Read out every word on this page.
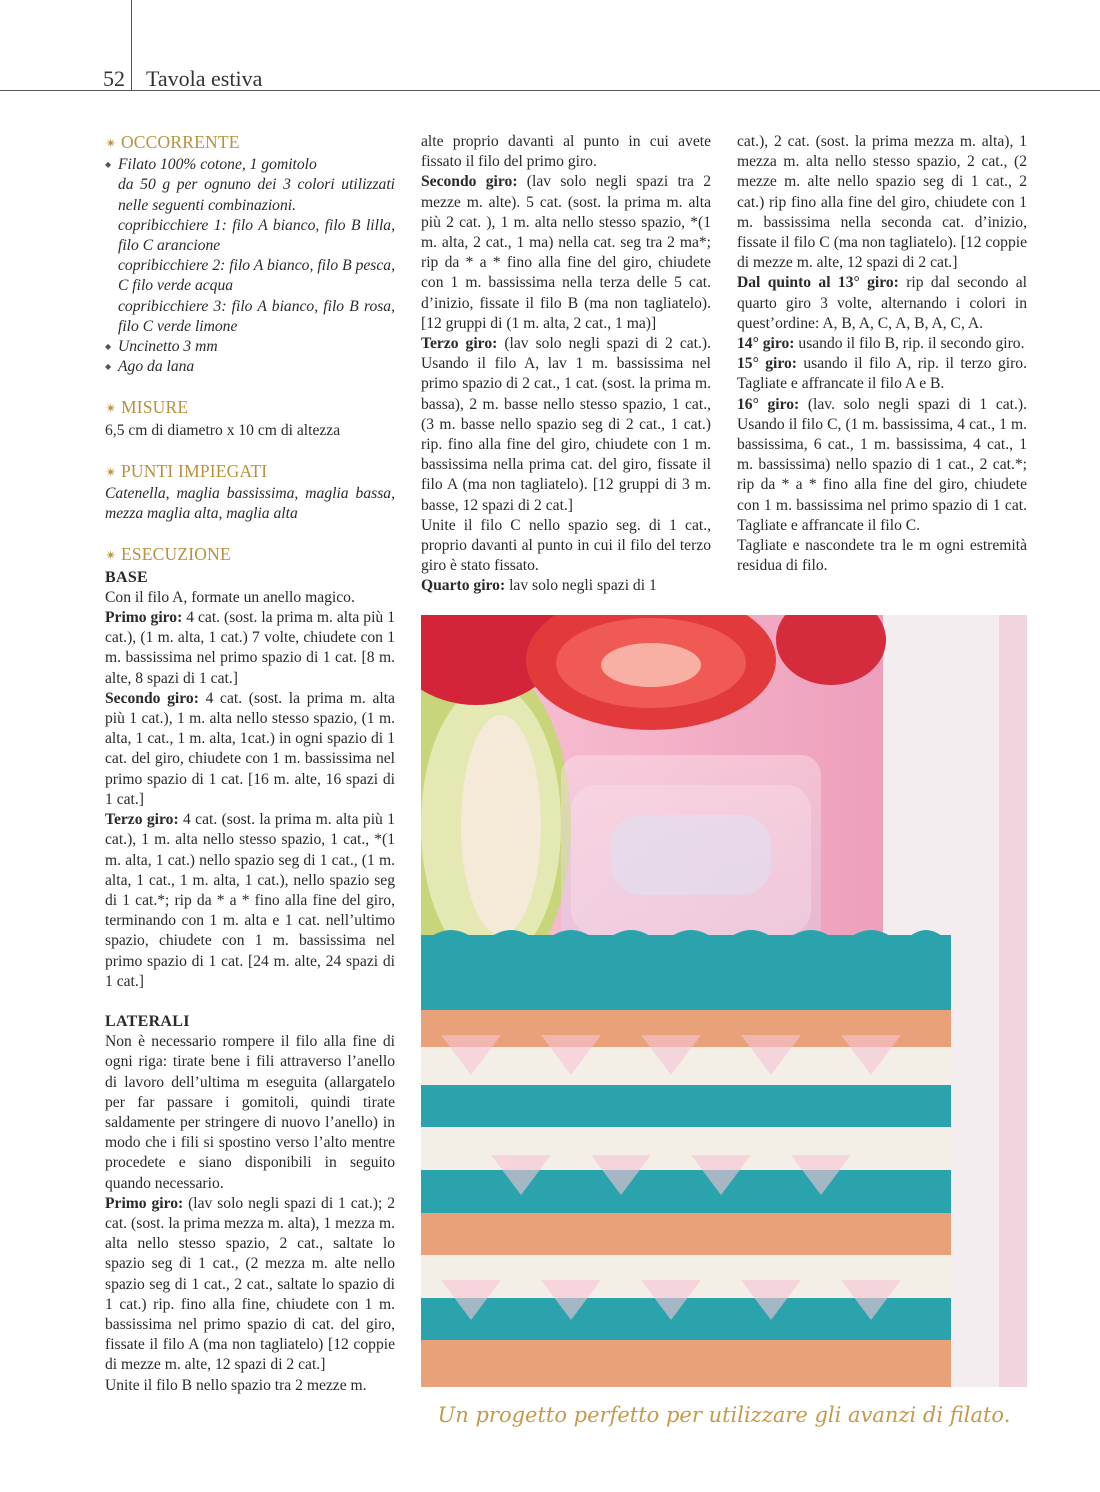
52 Tavola estiva

✴ OCCORRENTE

◆ Filato 100% cotone, 1 gomitolo

da 50 g per ognuno dei 3 colori utilizzati nelle seguenti combinazioni.

copribicchiere 1: filo A bianco, filo B lilla, filo C arancione

copribicchiere 2: filo A bianco, filo B pesca, C filo verde acqua

copribicchiere 3: filo A bianco, filo B rosa, filo C verde limone

◆ Uncinetto 3 mm
◆ Ago da lana

✴ MISURE

6,5 cm di diametro x 10 cm di altezza

✴ PUNTI IMPIEGATI

Catenella, maglia bassissima, maglia bassa, mezza maglia alta, maglia alta

✴ ESECUZIONE

BASE

Con il filo A, formate un anello magico.

Primo giro: 4 cat. (sost. la prima m. alta più 1 cat.), (1 m. alta, 1 cat.) 7 volte, chiudete con 1 m. bassissima nel primo spazio di 1 cat. [8 m. alte, 8 spazi di 1 cat.]

Secondo giro: 4 cat. (sost. la prima m. alta più 1 cat.), 1 m. alta nello stesso spazio, (1 m. alta, 1 cat., 1 m. alta, 1cat.) in ogni spazio di 1 cat. del giro, chiudete con 1 m. bassissima nel primo spazio di 1 cat. [16 m. alte, 16 spazi di 1 cat.]

Terzo giro: 4 cat. (sost. la prima m. alta più 1 cat.), 1 m. alta nello stesso spazio, 1 cat., *(1 m. alta, 1 cat.) nello spazio seg di 1 cat., (1 m. alta, 1 cat., 1 m. alta, 1 cat.), nello spazio seg di 1 cat.*; rip da * a * fino alla fine del giro, terminando con 1 m. alta e 1 cat. nell’ultimo spazio, chiudete con 1 m. bassissima nel primo spazio di 1 cat. [24 m. alte, 24 spazi di 1 cat.]

LATERALI

Non è necessario rompere il filo alla fine di ogni riga: tirate bene i fili attraverso l’anello di lavoro dell’ultima m eseguita (allargatelo per far passare i gomitoli, quindi tirate saldamente per stringere di nuovo l’anello) in modo che i fili si spostino verso l’alto mentre procedete e siano disponibili in seguito quando necessario.

Primo giro: (lav solo negli spazi di 1 cat.); 2 cat. (sost. la prima mezza m. alta), 1 mezza m. alta nello stesso spazio, 2 cat., saltate lo spazio seg di 1 cat., (2 mezza m. alte nello spazio seg di 1 cat., 2 cat., saltate lo spazio di 1 cat.) rip. fino alla fine, chiudete con 1 m. bassissima nel primo spazio di cat. del giro, fissate il filo A (ma non tagliatelo) [12 coppie di mezze m. alte, 12 spazi di 2 cat.]

Unite il filo B nello spazio tra 2 mezze m.

alte proprio davanti al punto in cui avete fissato il filo del primo giro.

Secondo giro: (lav solo negli spazi tra 2 mezze m. alte). 5 cat. (sost. la prima m. alta più 2 cat. ), 1 m. alta nello stesso spazio, *(1 m. alta, 2 cat., 1 ma) nella cat. seg tra 2 ma*; rip da * a * fino alla fine del giro, chiudete con 1 m. bassissima nella terza delle 5 cat. d’inizio, fissate il filo B (ma non tagliatelo). [12 gruppi di (1 m. alta, 2 cat., 1 ma)]

Terzo giro: (lav solo negli spazi di 2 cat.). Usando il filo A, lav 1 m. bassissima nel primo spazio di 2 cat., 1 cat. (sost. la prima m. bassa), 2 m. basse nello stesso spazio, 1 cat., (3 m. basse nello spazio seg di 2 cat., 1 cat.) rip. fino alla fine del giro, chiudete con 1 m. bassissima nella prima cat. del giro, fissate il filo A (ma non tagliatelo). [12 gruppi di 3 m. basse, 12 spazi di 2 cat.]

Unite il filo C nello spazio seg. di 1 cat., proprio davanti al punto in cui il filo del terzo giro è stato fissato.

Quarto giro: lav solo negli spazi di 1

cat.), 2 cat. (sost. la prima mezza m. alta), 1 mezza m. alta nello stesso spazio, 2 cat., (2 mezze m. alte nello spazio seg di 1 cat., 2 cat.) rip fino alla fine del giro, chiudete con 1 m. bassissima nella seconda cat. d’inizio, fissate il filo C (ma non tagliatelo). [12 coppie di mezze m. alte, 12 spazi di 2 cat.]

Dal quinto al 13° giro: rip dal secondo al quarto giro 3 volte, alternando i colori in quest’ordine: A, B, A, C, A, B, A, C, A.

14° giro: usando il filo B, rip. il secondo giro.

15° giro: usando il filo A, rip. il terzo giro. Tagliate e affrancate il filo A e B.

16° giro: (lav. solo negli spazi di 1 cat.). Usando il filo C, (1 m. bassissima, 4 cat., 1 m. bassissima, 6 cat., 1 m. bassissima, 4 cat., 1 m. bassissima) nello spazio di 1 cat., 2 cat.*; rip da * a * fino alla fine del giro, chiudete con 1 m. bassissima nel primo spazio di 1 cat. Tagliate e affrancate il filo C.

Tagliate e nascondete tra le m ogni estremità residua di filo.

Un progetto perfetto per utilizzare gli avanzi di filato.
